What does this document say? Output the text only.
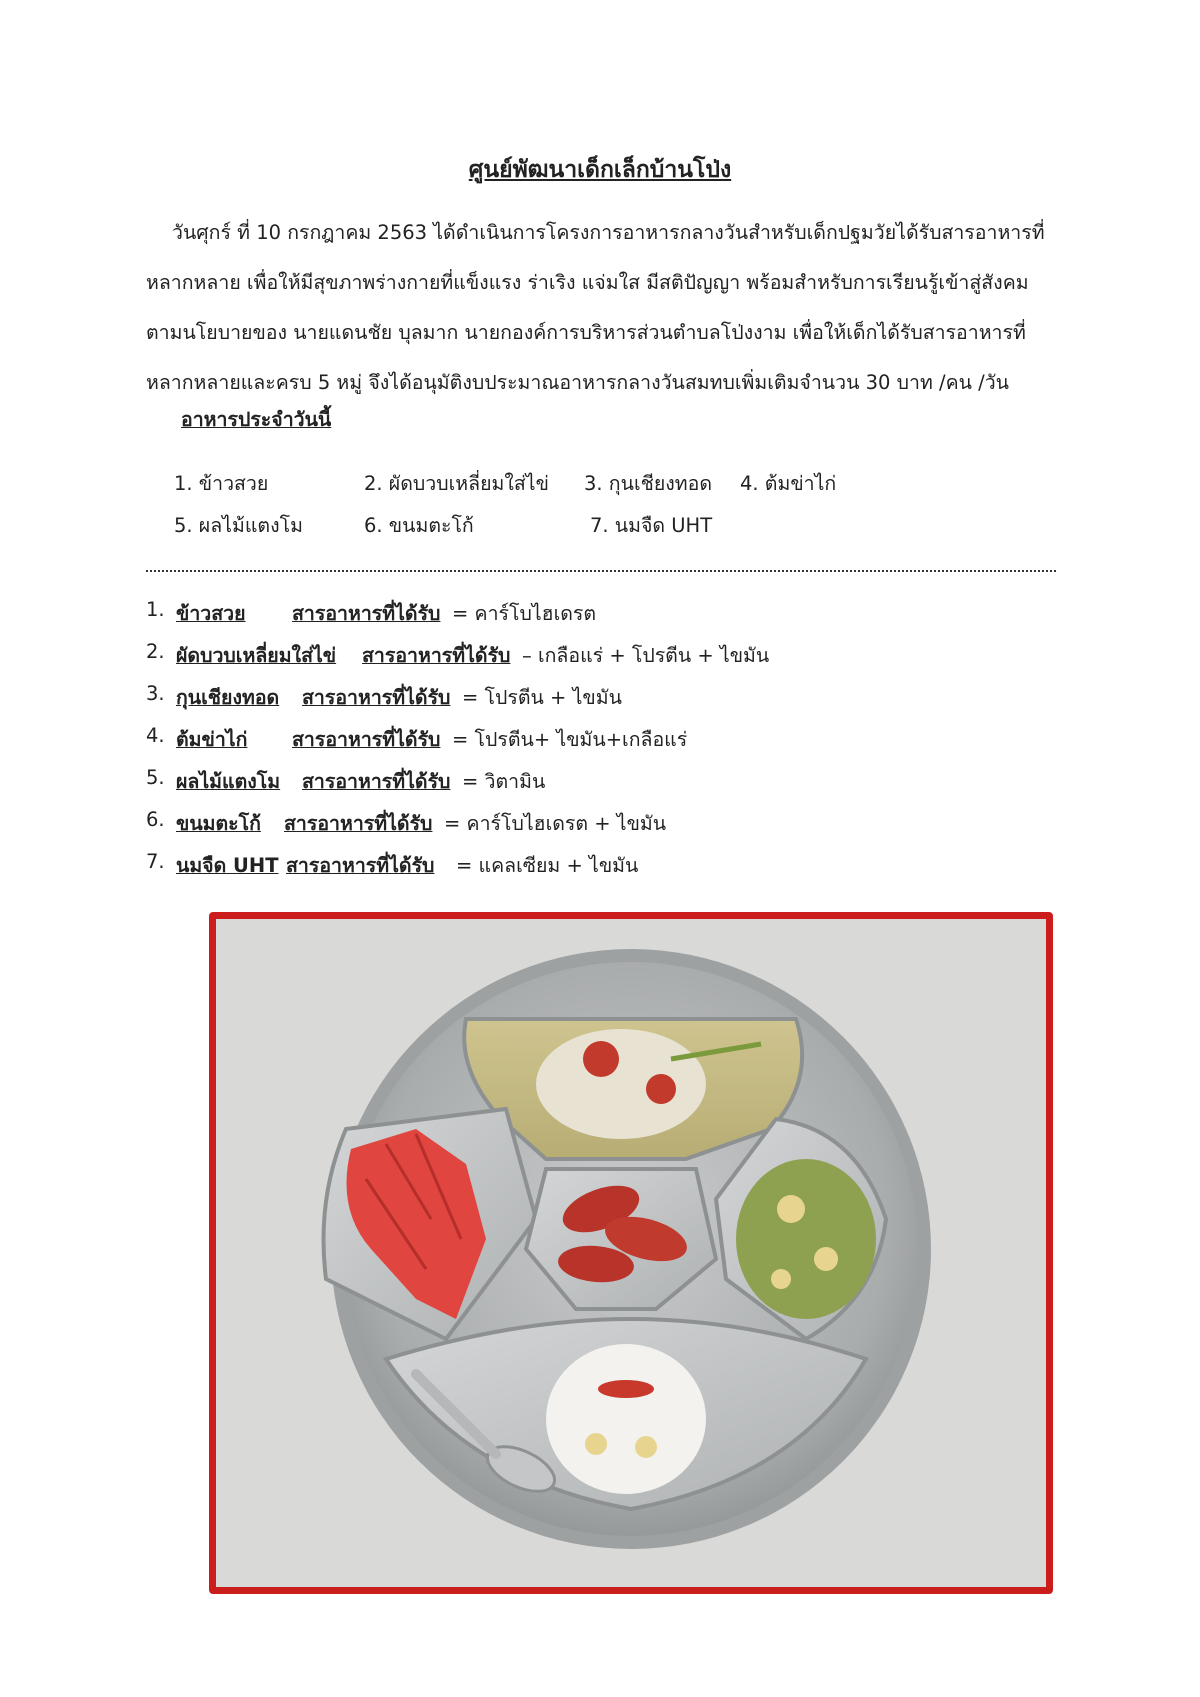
ศูนย์พัฒนาเด็กเล็กบ้านโป่ง
วันศุกร์ ที่ 10 กรกฎาคม 2563 ได้ดำเนินการโครงการอาหารกลางวันสำหรับเด็กปฐมวัยได้รับสารอาหารที่
หลากหลาย เพื่อให้มีสุขภาพร่างกายที่แข็งแรง ร่าเริง แจ่มใส มีสติปัญญา พร้อมสำหรับการเรียนรู้เข้าสู่สังคม
ตามนโยบายของ นายแดนชัย บุลมาก นายกองค์การบริหารส่วนตำบลโป่งงาม เพื่อให้เด็กได้รับสารอาหารที่
หลากหลายและครบ 5 หมู่ จึงได้อนุมัติงบประมาณอาหารกลางวันสมทบเพิ่มเติมจำนวน 30 บาท /คน /วัน
อาหารประจำวันนี้
1. ข้าวสวย	2. ผัดบวบเหลี่ยมใส่ไข่ 3. กุนเชียงทอด 4. ต้มข่าไก่
5. ผลไม้แตงโม	6. ขนมตะโก้	7. นมจืด UHT
1. ข้าวสวย สารอาหารที่ได้รับ = คาร์โบไฮเดรต
2. ผัดบวบเหลี่ยมใส่ไข่ สารอาหารที่ได้รับ – เกลือแร่ + โปรตีน + ไขมัน
3. กุนเชียงทอด สารอาหารที่ได้รับ = โปรตีน + ไขมัน
4. ต้มข่าไก่ สารอาหารที่ได้รับ = โปรตีน+ ไขมัน+เกลือแร่
5. ผลไม้แตงโม สารอาหารที่ได้รับ = วิตามิน
6. ขนมตะโก้ สารอาหารที่ได้รับ = คาร์โบไฮเดรต + ไขมัน
7. นมจืด UHT สารอาหารที่ได้รับ = แคลเซียม + ไขมัน
